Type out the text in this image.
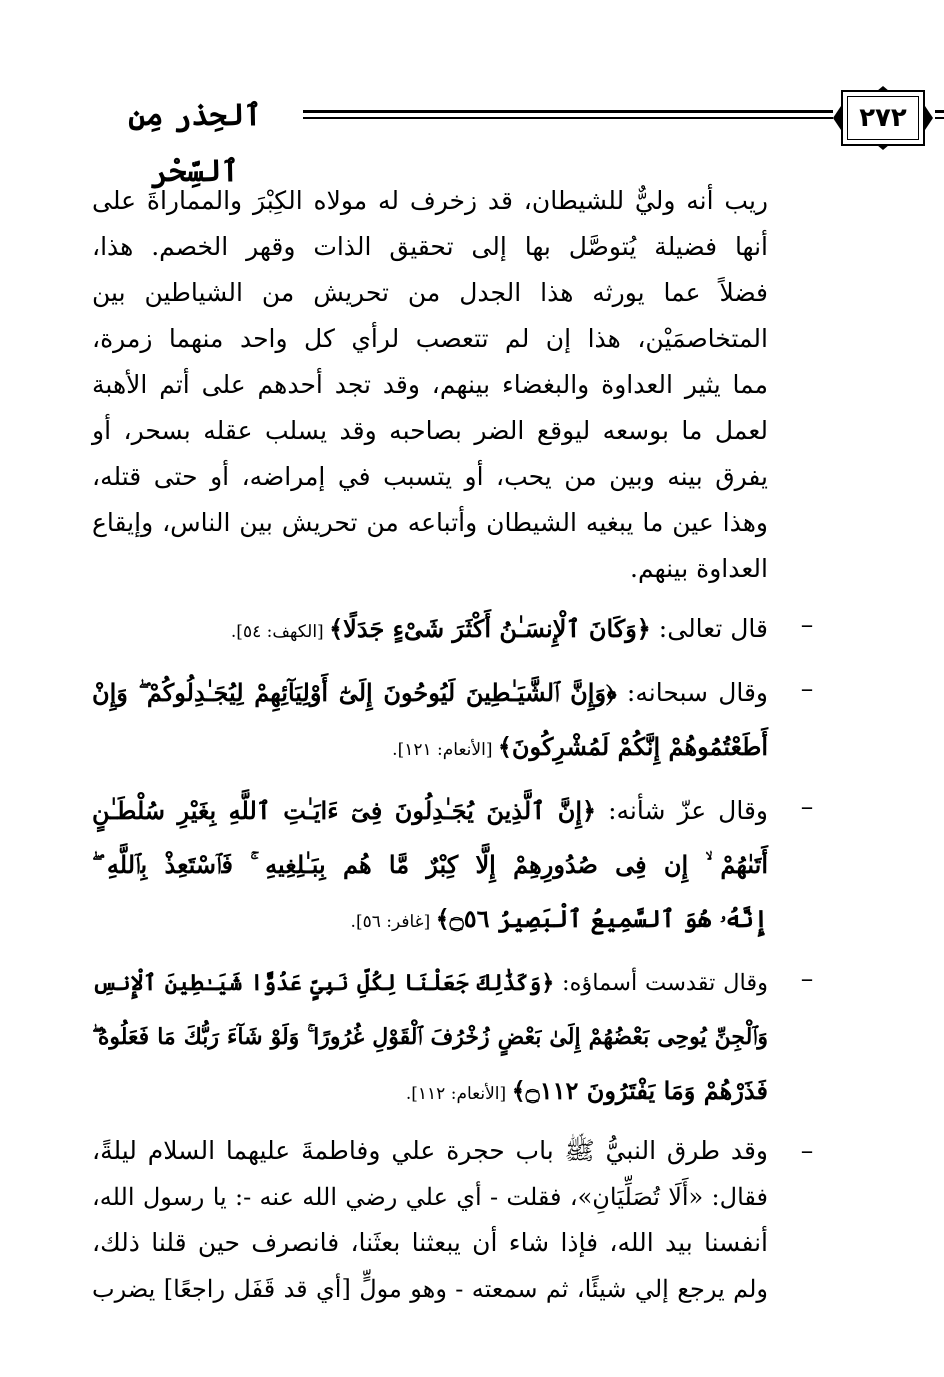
٢٧٢
ٱلحِذر مِن ٱلسِّحْر
ريب أنه وليٌّ للشيطان، قد زخرف له مولاه الكِبْرَ والمماراةَ على
أنها فضيلة يُتوصَّل بها إلى تحقيق الذات وقهر الخصم. هذا،
فضلاً عما يورثه هذا الجدل من تحريش من الشياطين بين
المتخاصمَيْن، هذا إن لم تتعصب لرأي كل واحد منهما زمرة،
مما يثير العداوة والبغضاء بينهم، وقد تجد أحدهم على أتم الأهبة
لعمل ما بوسعه ليوقع الضر بصاحبه وقد يسلب عقله بسحر، أو
يفرق بينه وبين من يحب، أو يتسبب في إمراضه، أو حتى قتله،
وهذا عين ما يبغيه الشيطان وأتباعه من تحريش بين الناس، وإيقاع
العداوة بينهم.
–
قال تعالى: ﴿وَكَانَ ٱلْإِنسَـٰنُ أَكْثَرَ شَىْءٍ جَدَلًا﴾ [الكهف: ٥٤].
–
وقال سبحانه: ﴿وَإِنَّ ٱلشَّيَـٰطِينَ لَيُوحُونَ إِلَىٰٓ أَوْلِيَآئِهِمْ لِيُجَـٰدِلُوكُمْ ۖ وَإِنْ
أَطَعْتُمُوهُمْ إِنَّكُمْ لَمُشْرِكُونَ﴾ [الأنعام: ١٢١].
–
وقال عزّ شأنه: ﴿إِنَّ ٱلَّذِينَ يُجَـٰدِلُونَ فِىٓ ءَايَـٰتِ ٱللَّهِ بِغَيْرِ سُلْطَـٰنٍ
أَتَىٰهُمْ ۙ إِن فِى صُدُورِهِمْ إِلَّا كِبْرٌ مَّا هُم بِبَـٰلِغِيهِ ۚ فَٱسْتَعِذْ بِٱللَّهِ ۖ
إِنَّهُۥ هُوَ ٱلسَّمِيعُ ٱلْبَصِيرُ ۝٥٦﴾ [غافر: ٥٦].
–
وقال تقدست أسماؤه: ﴿وَكَذَٰلِكَ جَعَلْنَا لِكُلِّ نَبِىٍّ عَدُوًّا شَيَـٰطِينَ ٱلْإِنسِ
وَٱلْجِنِّ يُوحِى بَعْضُهُمْ إِلَىٰ بَعْضٍ زُخْرُفَ ٱلْقَوْلِ غُرُورًا ۚ وَلَوْ شَآءَ رَبُّكَ مَا فَعَلُوهُ ۖ
فَذَرْهُمْ وَمَا يَفْتَرُونَ ۝١١٢﴾ [الأنعام: ١١٢].
–
وقد طرق النبيُّ ﷺ باب حجرة علي وفاطمةَ عليهما السلام ليلةً،
فقال: «أَلَا تُصَلِّيَانِ»، فقلت - أي علي رضي الله عنه -: يا رسول الله،
أنفسنا بيد الله، فإذا شاء أن يبعثنا بعثَنا، فانصرف حين قلنا ذلك،
ولم يرجع إلي شيئًا، ثم سمعته - وهو مولٍّ [أي قد قَفَل راجعًا] يضرب
